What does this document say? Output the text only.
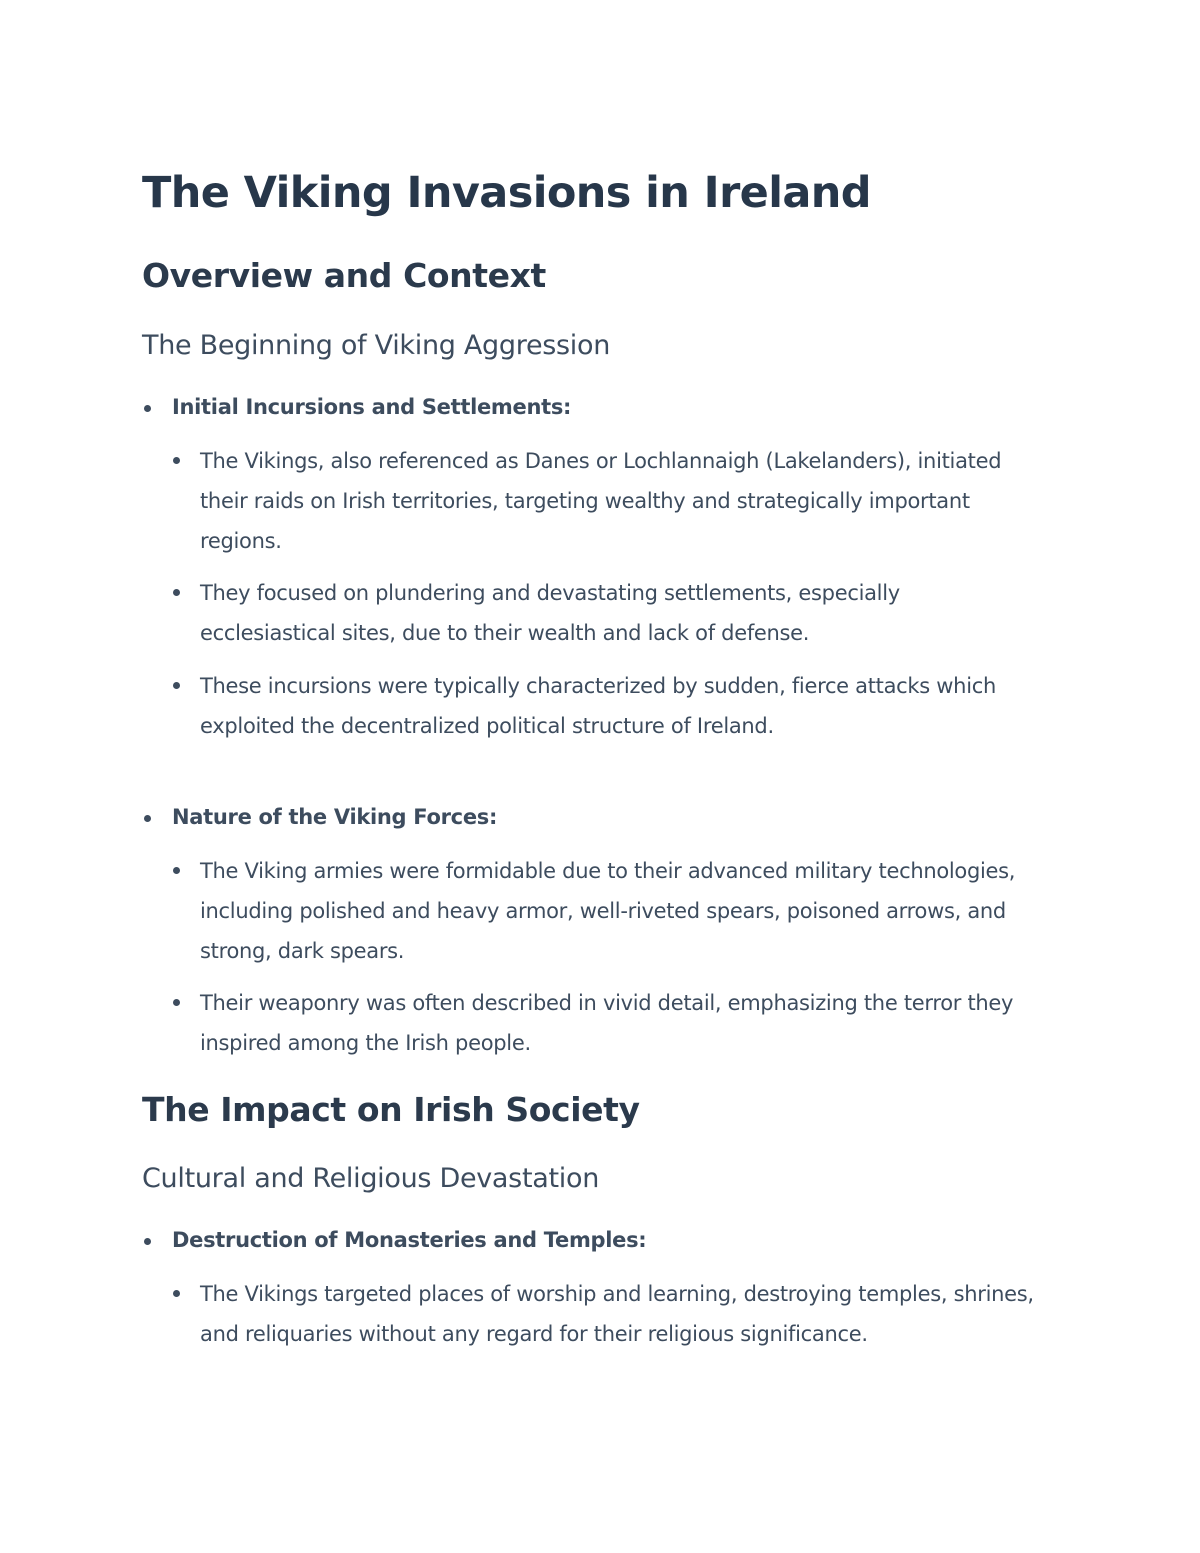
The Viking Invasions in Ireland
Overview and Context
The Beginning of Viking Aggression
Initial Incursions and Settlements:
The Vikings, also referenced as Danes or Lochlannaigh (Lakelanders), initiated their raids on Irish territories, targeting wealthy and strategically important regions.
They focused on plundering and devastating settlements, especially ecclesiastical sites, due to their wealth and lack of defense.
These incursions were typically characterized by sudden, fierce attacks which exploited the decentralized political structure of Ireland.
Nature of the Viking Forces:
The Viking armies were formidable due to their advanced military technologies, including polished and heavy armor, well-riveted spears, poisoned arrows, and strong, dark spears.
Their weaponry was often described in vivid detail, emphasizing the terror they inspired among the Irish people.
The Impact on Irish Society
Cultural and Religious Devastation
Destruction of Monasteries and Temples:
The Vikings targeted places of worship and learning, destroying temples, shrines, and reliquaries without any regard for their religious significance.
